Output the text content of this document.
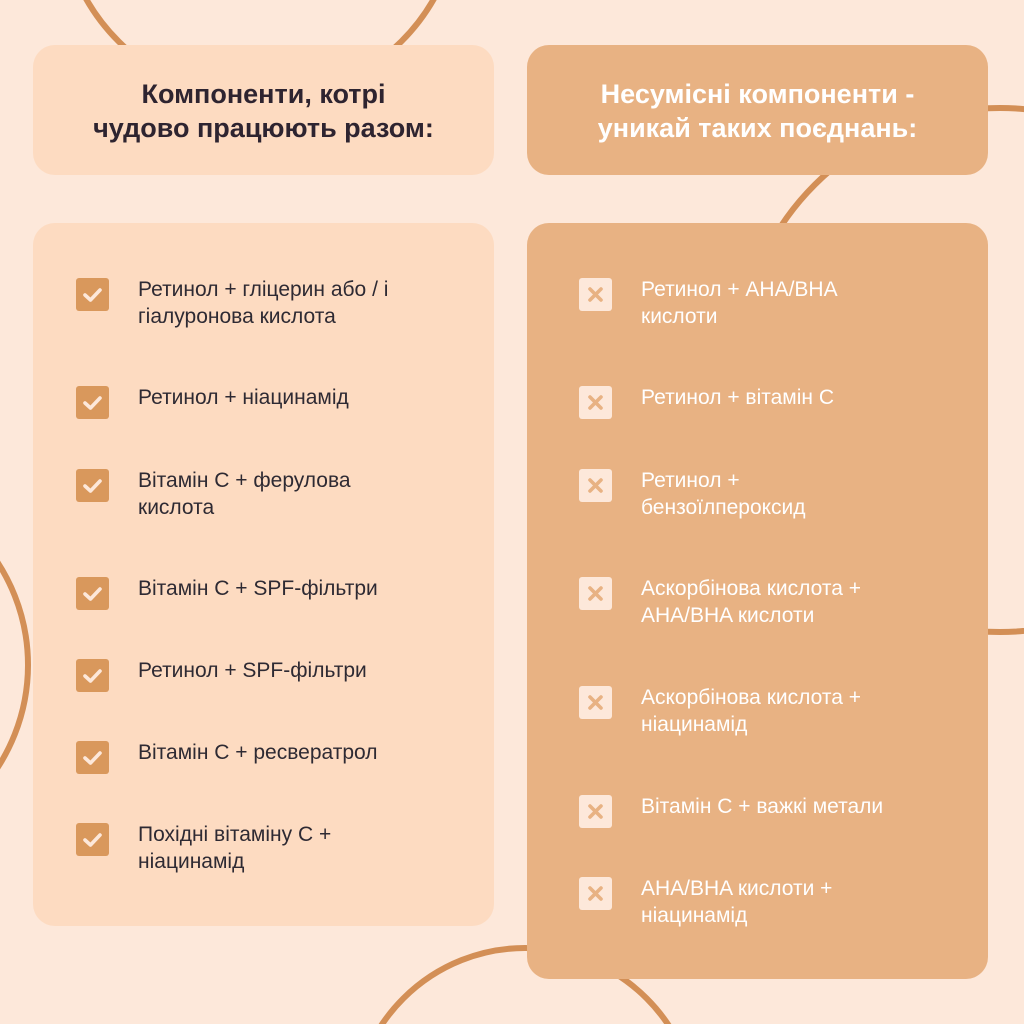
Компоненти, котрі
чудово працюють разом:
Несумісні компоненти -
уникай таких поєднань:
Ретинол + гліцерин або / і
гіалуронова кислота
Ретинол + ніацинамід
Вітамін С + ферулова
кислота
Вітамін С + SPF-фільтри
Ретинол + SPF-фільтри
Вітамін С + ресвератрол
Похідні вітаміну С +
ніацинамід
Ретинол + AHA/BHA
кислоти
Ретинол + вітамін С
Ретинол +
бензоїлпероксид
Аскорбінова кислота +
AHA/BHA кислоти
Аскорбінова кислота +
ніацинамід
Вітамін С + важкі метали
AHA/BHA кислоти +
ніацинамід
